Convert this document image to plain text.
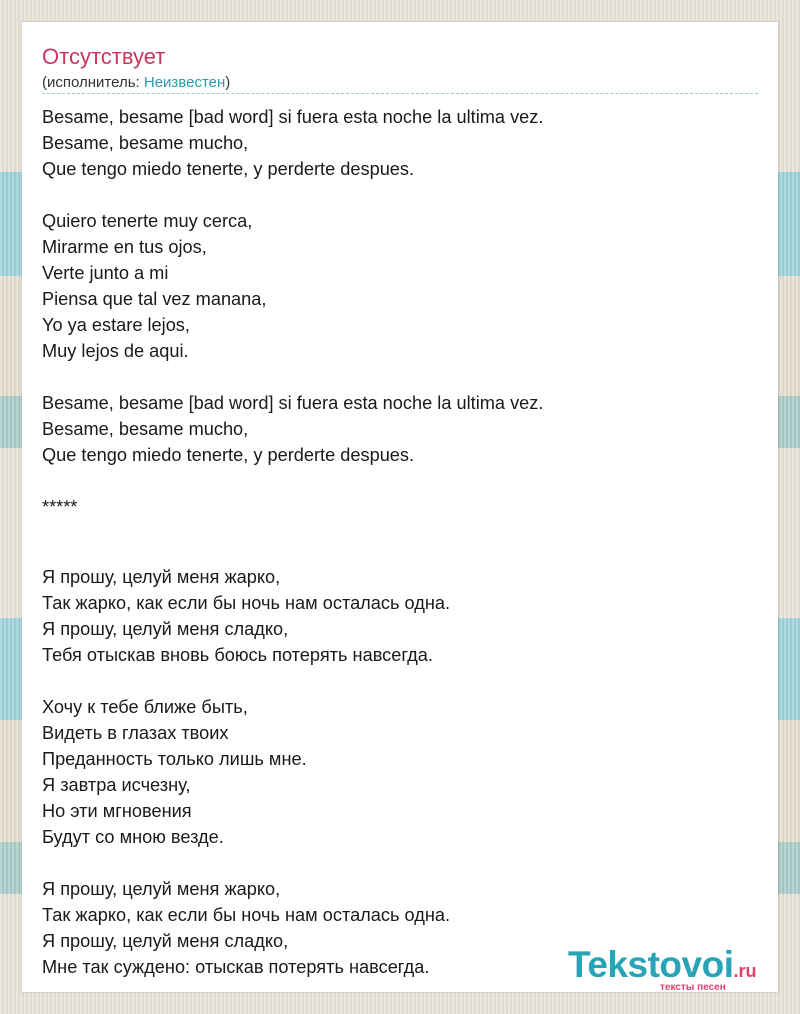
Отсутствует
(исполнитель: Неизвестен)
Besame, besame [bad word] si fuera esta noche la ultima vez.
Besame, besame mucho,
Que tengo miedo tenerte, y perderte despues.
Quiero tenerte muy cerca,
Mirarme en tus ojos,
Verte junto a mi
Piensa que tal vez manana,
Yo ya estare lejos,
Muy lejos de aqui.
Besame, besame [bad word] si fuera esta noche la ultima vez.
Besame, besame mucho,
Que tengo miedo tenerte, y perderte despues.
*****
Я прошу, целуй меня жарко,
Так жарко, как если бы ночь нам осталась одна.
Я прошу, целуй меня сладко,
Тебя отыскав вновь боюсь потерять навсегда.
Хочу к тебе ближе быть,
Видеть в глазах твоих
Преданность только лишь мне.
Я завтра исчезну,
Но эти мгновения
Будут со мною везде.
Я прошу, целуй меня жарко,
Так жарко, как если бы ночь нам осталась одна.
Я прошу, целуй меня сладко,
Мне так суждено: отыскав потерять навсегда.	Tekstovoi.ru
тексты песен
